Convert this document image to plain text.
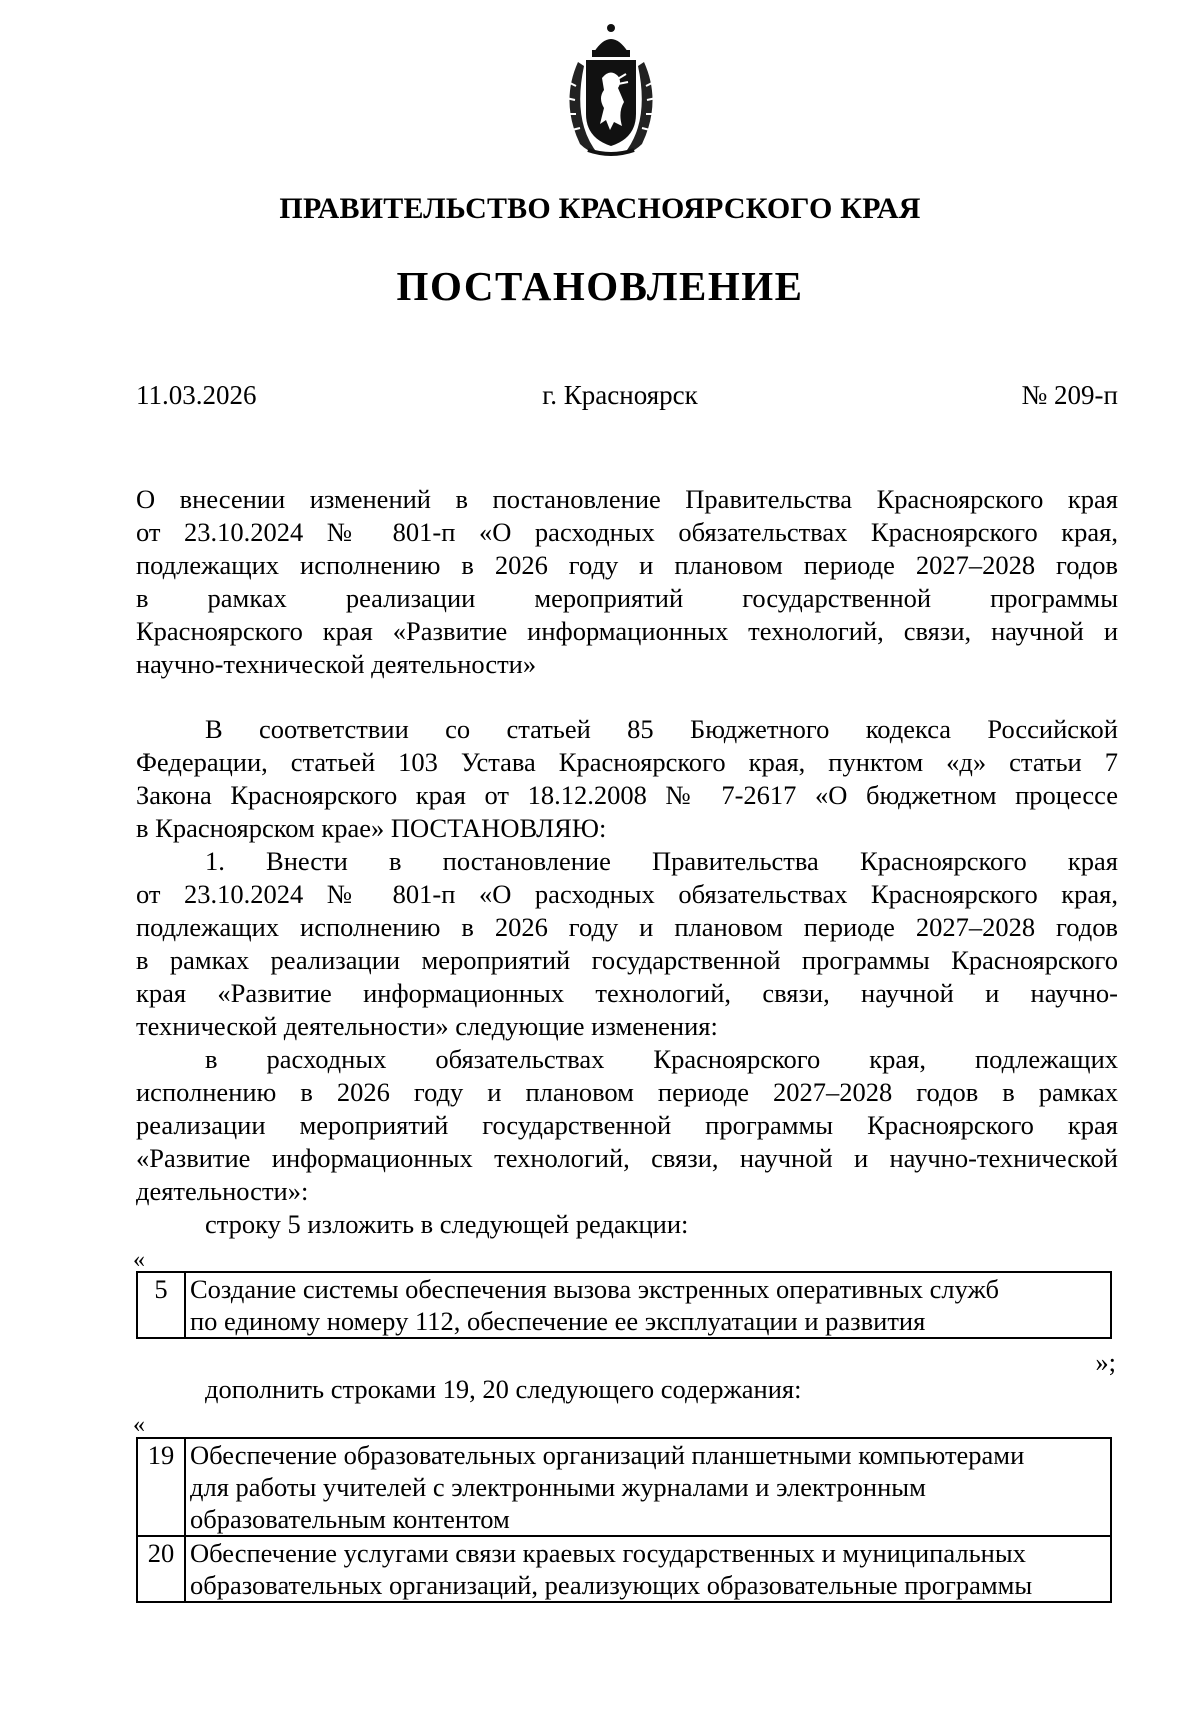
ПРАВИТЕЛЬСТВО КРАСНОЯРСКОГО КРАЯ
ПОСТАНОВЛЕНИЕ
11.03.2026	г. Красноярск	№ 209-п
О внесении изменений в постановление Правительства Красноярского края
от 23.10.2024 № 801-п «О расходных обязательствах Красноярского края,
подлежащих исполнению в 2026 году и плановом периоде 2027–2028 годов
в рамках реализации мероприятий государственной программы
Красноярского края «Развитие информационных технологий, связи, научной и
научно-технической деятельности»
В соответствии со статьей 85 Бюджетного кодекса Российской
Федерации, статьей 103 Устава Красноярского края, пунктом «д» статьи 7
Закона Красноярского края от 18.12.2008 № 7-2617 «О бюджетном процессе
в Красноярском крае» ПОСТАНОВЛЯЮ:
1. Внести в постановление Правительства Красноярского края
от 23.10.2024 № 801-п «О расходных обязательствах Красноярского края,
подлежащих исполнению в 2026 году и плановом периоде 2027–2028 годов
в рамках реализации мероприятий государственной программы Красноярского
края «Развитие информационных технологий, связи, научной и научно-
технической деятельности» следующие изменения:
в расходных обязательствах Красноярского края, подлежащих
исполнению в 2026 году и плановом периоде 2027–2028 годов в рамках
реализации мероприятий государственной программы Красноярского края
«Развитие информационных технологий, связи, научной и научно-технической
деятельности»:
строку 5 изложить в следующей редакции:
«
5	Создание системы обеспечения вызова экстренных оперативных служб
по единому номеру 112, обеспечение ее эксплуатации и развития
»;
дополнить строками 19, 20 следующего содержания:
«
19	Обеспечение образовательных организаций планшетными компьютерами
для работы учителей с электронными журналами и электронным
образовательным контентом

20	Обеспечение услугами связи краевых государственных и муниципальных
образовательных организаций, реализующих образовательные программы
